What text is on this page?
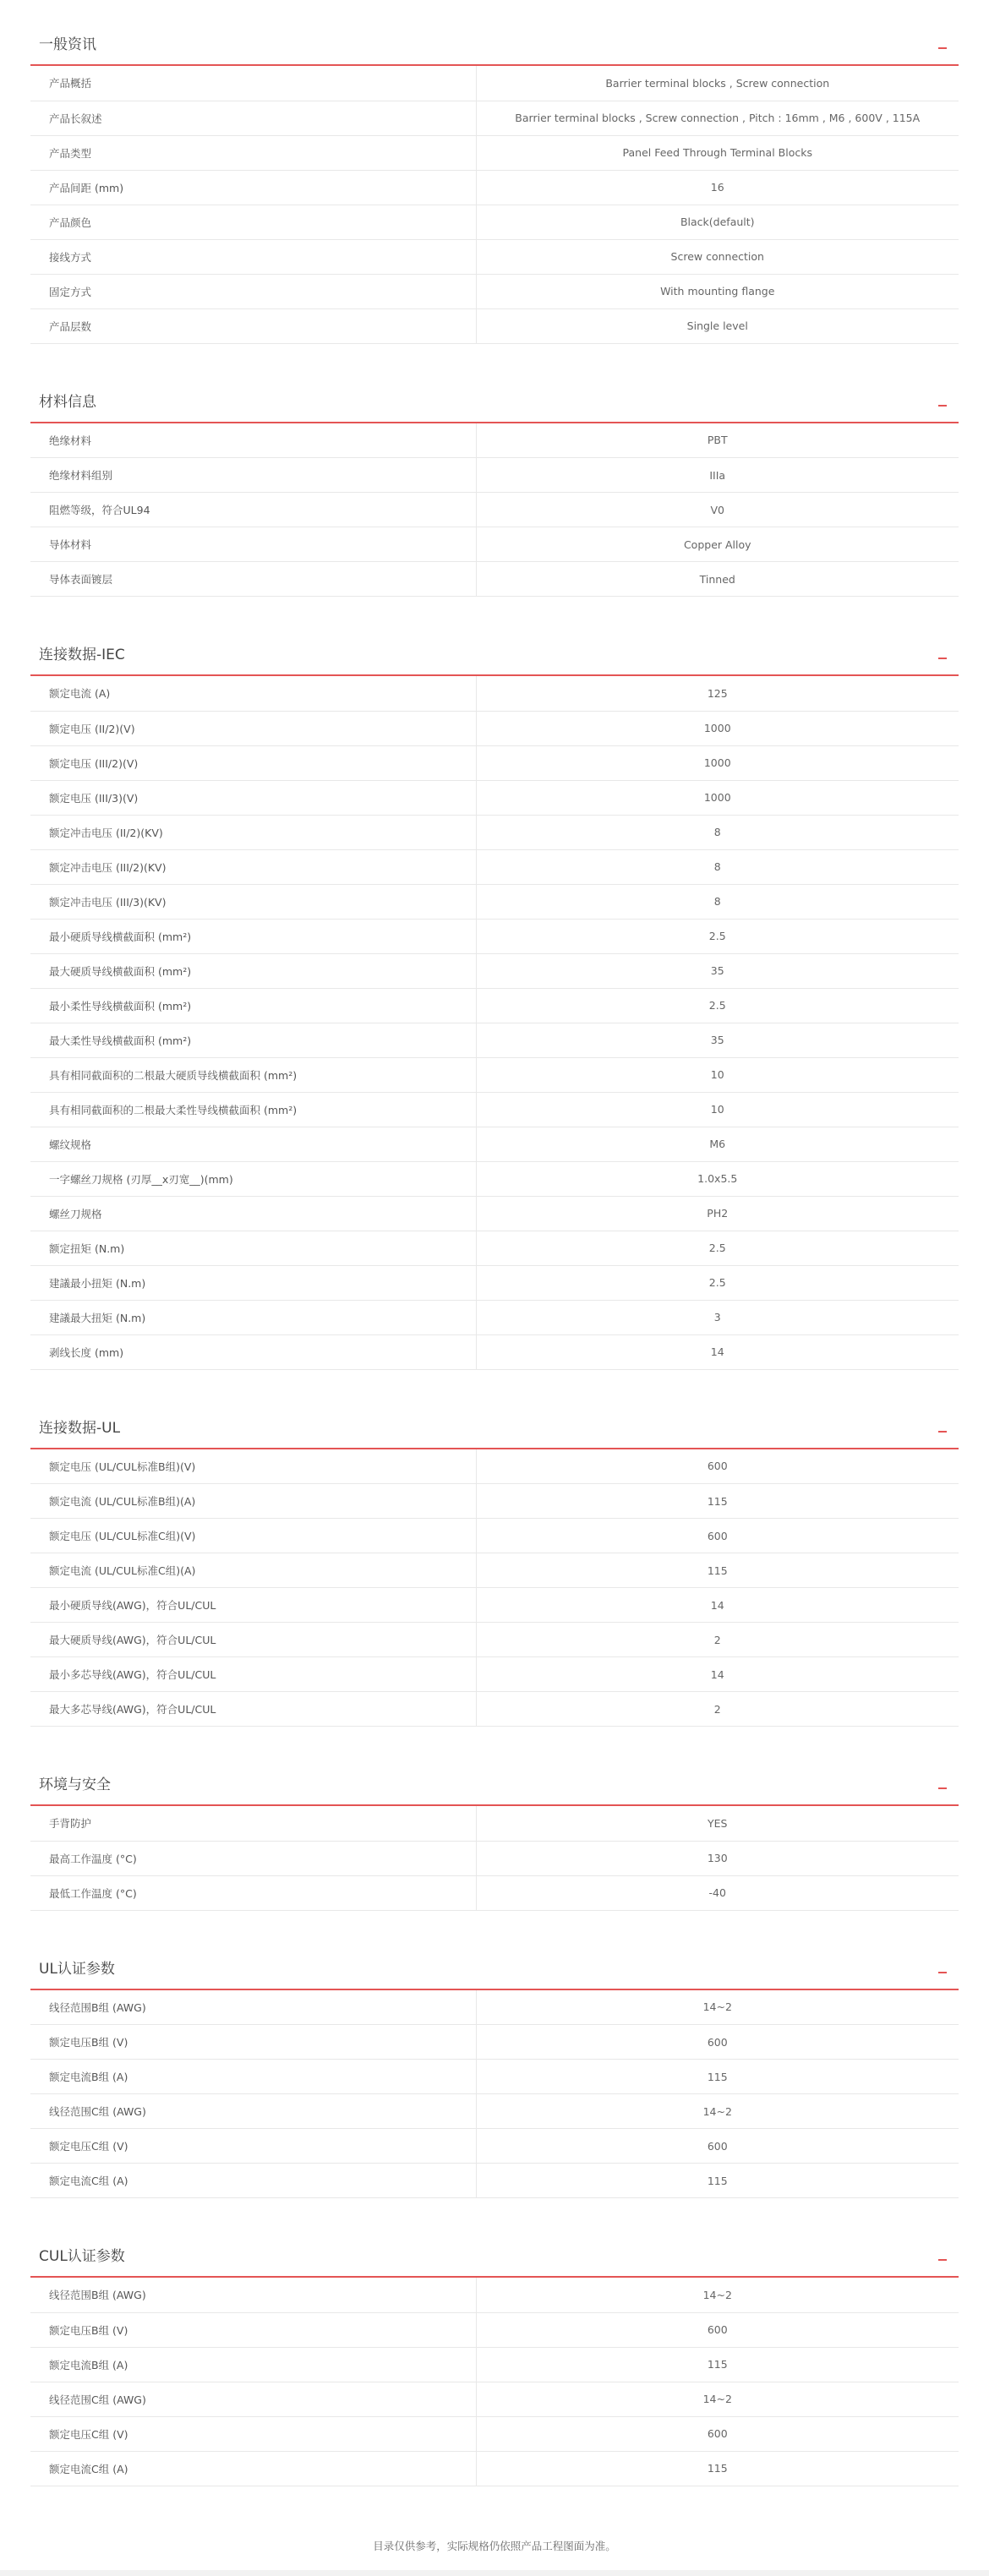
一般资讯
产品概括	Barrier terminal blocks , Screw connection
产品长叙述	Barrier terminal blocks , Screw connection , Pitch : 16mm , M6 , 600V , 115A
产品类型	Panel Feed Through Terminal Blocks
产品间距 (mm)	16
产品颜色	Black(default)
接线方式	Screw connection
固定方式	With mounting flange
产品层数	Single level
材料信息
绝缘材料	PBT
绝缘材料组别	IIIa
阻燃等级，符合UL94	V0
导体材料	Copper Alloy
导体表面镀层	Tinned
连接数据-IEC
额定电流 (A)	125
额定电压 (II/2)(V)	1000
额定电压 (III/2)(V)	1000
额定电压 (III/3)(V)	1000
额定冲击电压 (II/2)(KV)	8
额定冲击电压 (III/2)(KV)	8
额定冲击电压 (III/3)(KV)	8
最小硬质导线横截面积 (mm²)	2.5
最大硬质导线横截面积 (mm²)	35
最小柔性导线横截面积 (mm²)	2.5
最大柔性导线横截面积 (mm²)	35
具有相同截面积的二根最大硬质导线横截面积 (mm²)	10
具有相同截面积的二根最大柔性导线横截面积 (mm²)	10
螺纹规格	M6
一字螺丝刀规格 (刃厚__x刃宽__)(mm)	1.0x5.5
螺丝刀规格	PH2
额定扭矩 (N.m)	2.5
建議最小扭矩 (N.m)	2.5
建議最大扭矩 (N.m)	3
剥线长度 (mm)	14
连接数据-UL
额定电压 (UL/CUL标准B组)(V)	600
额定电流 (UL/CUL标准B组)(A)	115
额定电压 (UL/CUL标准C组)(V)	600
额定电流 (UL/CUL标准C组)(A)	115
最小硬质导线(AWG)，符合UL/CUL	14
最大硬质导线(AWG)，符合UL/CUL	2
最小多芯导线(AWG)，符合UL/CUL	14
最大多芯导线(AWG)，符合UL/CUL	2
环境与安全
手背防护	YES
最高工作温度 (°C)	130
最低工作温度 (°C)	-40
UL认证参数
线径范围B组 (AWG)	14~2
额定电压B组 (V)	600
额定电流B组 (A)	115
线径范围C组 (AWG)	14~2
额定电压C组 (V)	600
额定电流C组 (A)	115
CUL认证参数
线径范围B组 (AWG)	14~2
额定电压B组 (V)	600
额定电流B组 (A)	115
线径范围C组 (AWG)	14~2
额定电压C组 (V)	600
额定电流C组 (A)	115
目录仅供参考，实际规格仍依照产品工程图面为准。
